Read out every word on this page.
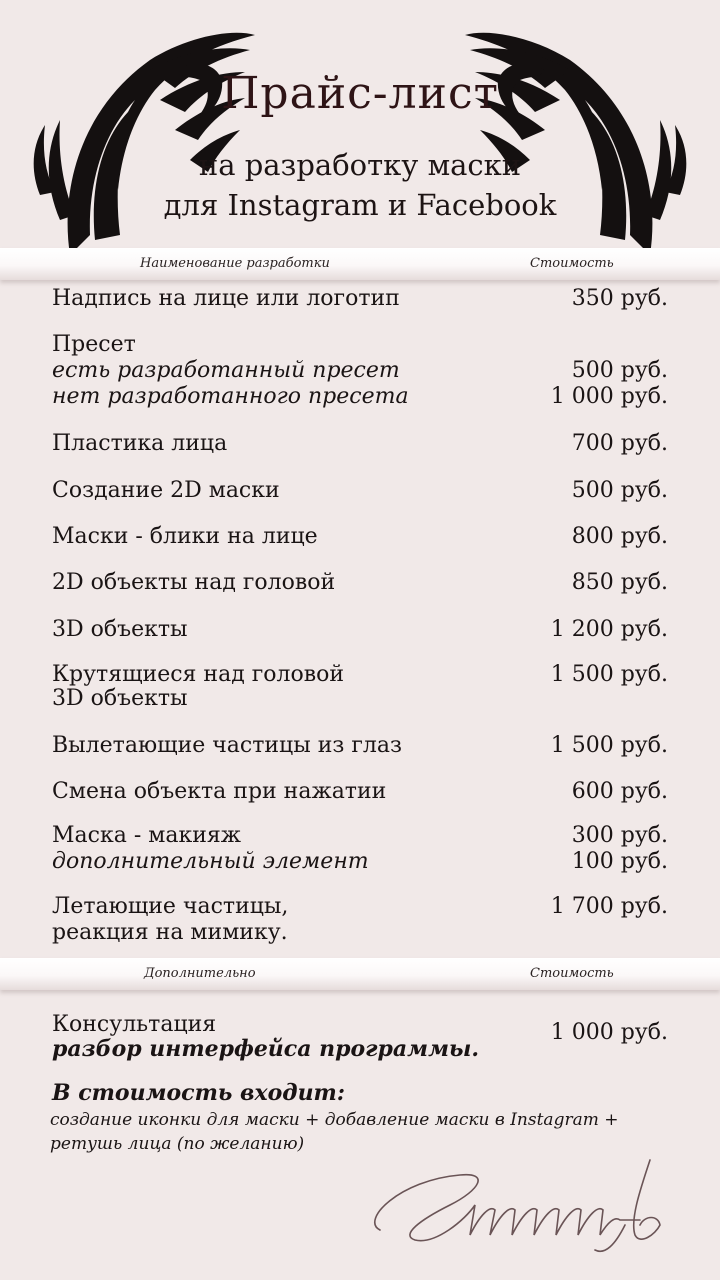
Прайс-лист
на разработку маски
для Instagram и Facebook
Наименование разработки	Стоимость
Надпись на лице или логотип	350 руб.
Пресет
есть разработанный пресет	500 руб.
нет разработанного пресета	1 000 руб.
Пластика лица	700 руб.
Создание 2D маски	500 руб.
Маски - блики на лице	800 руб.
2D объекты над головой	850 руб.
3D объекты	1 200 руб.
Крутящиеся над головой	1 500 руб.
3D объекты
Вылетающие частицы из глаз	1 500 руб.
Смена объекта при нажатии	600 руб.
Маска - макияж	300 руб.
дополнительный элемент	100 руб.
Летающие частицы,	1 700 руб.
реакция на мимику.
Дополнительно	Стоимость
Консультация	1 000 руб.
разбор интерфейса программы.
В стоимость входит:
создание иконки для маски + добавление маски в Instagram +
ретушь лица (по желанию)
